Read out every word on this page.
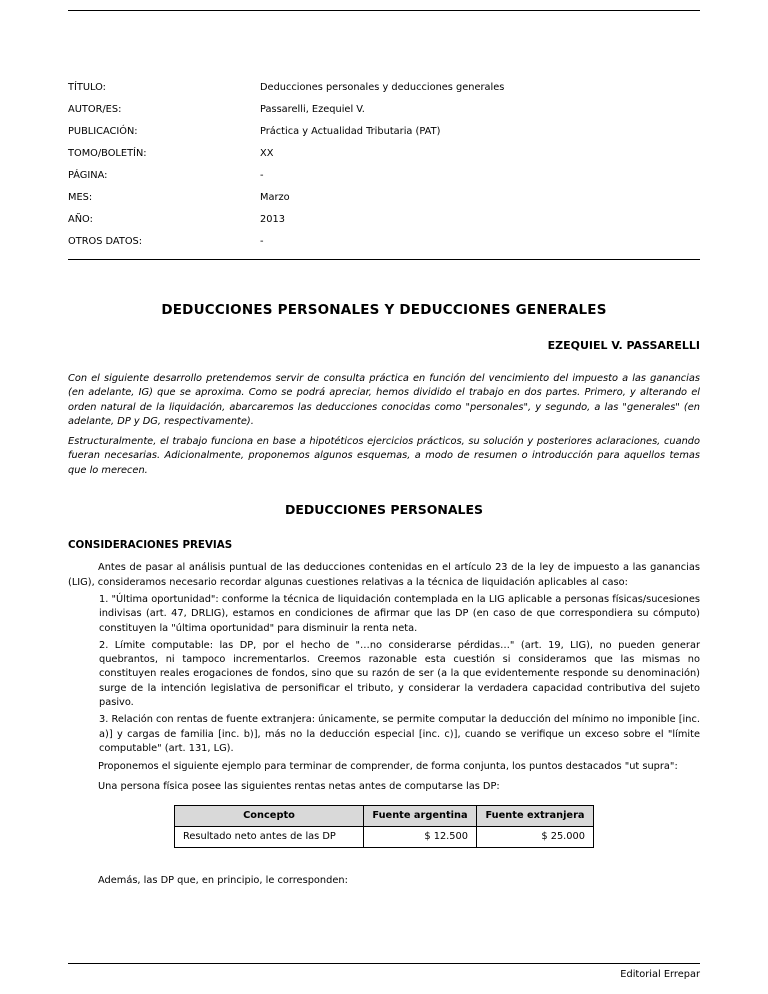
TÍTULO:	Deducciones personales y deducciones generales
AUTOR/ES:	Passarelli, Ezequiel V.
PUBLICACIÓN:	Práctica y Actualidad Tributaria (PAT)
TOMO/BOLETÍN:	XX
PÁGINA:	-
MES:	Marzo
AÑO:	2013
OTROS DATOS:	-
DEDUCCIONES PERSONALES Y DEDUCCIONES GENERALES
EZEQUIEL V. PASSARELLI

Con el siguiente desarrollo pretendemos servir de consulta práctica en función del vencimiento del impuesto a las ganancias (en adelante, IG) que se aproxima. Como se podrá apreciar, hemos dividido el trabajo en dos partes. Primero, y alterando el orden natural de la liquidación, abarcaremos las deducciones conocidas como "personales", y segundo, a las "generales" (en adelante, DP y DG, respectivamente).

Estructuralmente, el trabajo funciona en base a hipotéticos ejercicios prácticos, su solución y posteriores aclaraciones, cuando fueran necesarias. Adicionalmente, proponemos algunos esquemas, a modo de resumen o introducción para aquellos temas que lo merecen.

DEDUCCIONES PERSONALES
CONSIDERACIONES PREVIAS

Antes de pasar al análisis puntual de las deducciones contenidas en el artículo 23 de la ley de impuesto a las ganancias (LIG), consideramos necesario recordar algunas cuestiones relativas a la técnica de liquidación aplicables al caso:

1. "Última oportunidad": conforme la técnica de liquidación contemplada en la LIG aplicable a personas físicas/sucesiones indivisas (art. 47, DRLIG), estamos en condiciones de afirmar que las DP (en caso de que correspondiera su cómputo) constituyen la "última oportunidad" para disminuir la renta neta.

2. Límite computable: las DP, por el hecho de "…no considerarse pérdidas…" (art. 19, LIG), no pueden generar quebrantos, ni tampoco incrementarlos. Creemos razonable esta cuestión si consideramos que las mismas no constituyen reales erogaciones de fondos, sino que su razón de ser (a la que evidentemente responde su denominación) surge de la intención legislativa de personificar el tributo, y considerar la verdadera capacidad contributiva del sujeto pasivo.

3. Relación con rentas de fuente extranjera: únicamente, se permite computar la deducción del mínimo no imponible [inc. a)] y cargas de familia [inc. b)], más no la deducción especial [inc. c)], cuando se verifique un exceso sobre el "límite computable" (art. 131, LG).

Proponemos el siguiente ejemplo para terminar de comprender, de forma conjunta, los puntos destacados "ut supra":

Una persona física posee las siguientes rentas netas antes de computarse las DP:

Concepto	Fuente argentina	Fuente extranjera
Resultado neto antes de las DP	$ 12.500	$ 25.000

Además, las DP que, en principio, le corresponden:

Editorial Errepar
